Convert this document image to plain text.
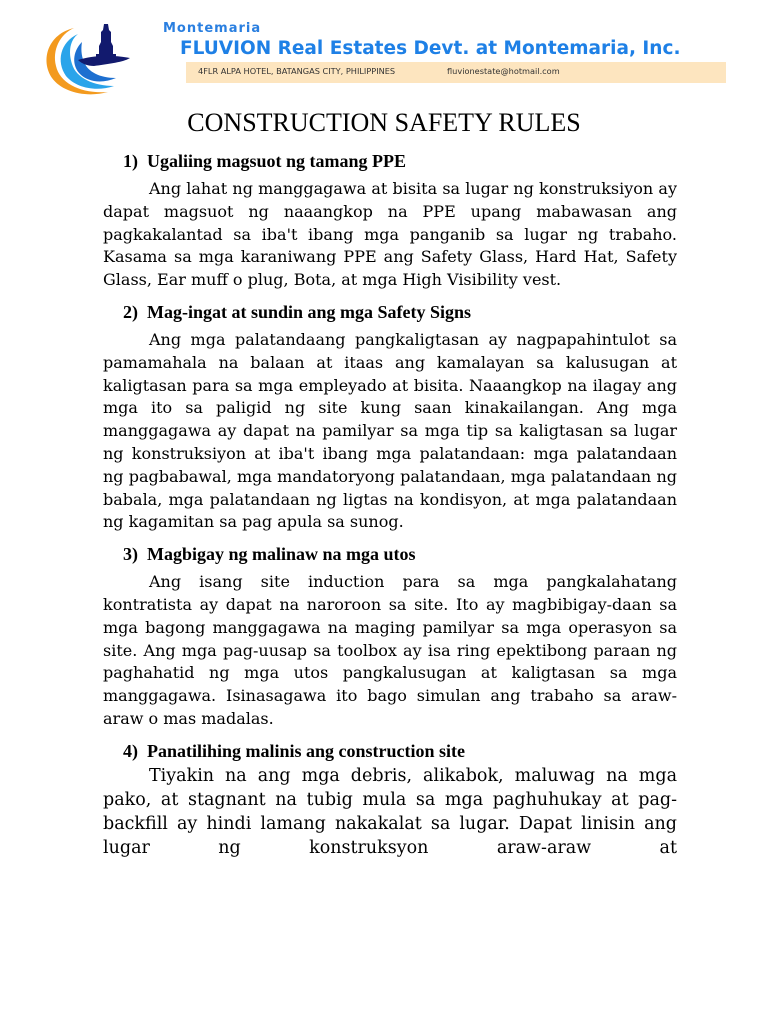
Montemaria
FLUVION Real Estates Devt. at Montemaria, Inc.
4FLR ALPA HOTEL, BATANGAS CITY, PHILIPPINES	fluvionestate@hotmail.com
CONSTRUCTION SAFETY RULES
1) Ugaliing magsuot ng tamang PPE

Ang lahat ng manggagawa at bisita sa lugar ng konstruksiyon ay dapat magsuot ng naaangkop na PPE upang mabawasan ang pagkakalantad sa iba't ibang mga panganib sa lugar ng trabaho. Kasama sa mga karaniwang PPE ang Safety Glass, Hard Hat, Safety Glass, Ear muff o plug, Bota, at mga High Visibility vest.

2) Mag-ingat at sundin ang mga Safety Signs

Ang mga palatandaang pangkaligtasan ay nagpapahintulot sa pamamahala na balaan at itaas ang kamalayan sa kalusugan at kaligtasan para sa mga empleyado at bisita. Naaangkop na ilagay ang mga ito sa paligid ng site kung saan kinakailangan. Ang mga manggagawa ay dapat na pamilyar sa mga tip sa kaligtasan sa lugar ng konstruksiyon at iba't ibang mga palatandaan: mga palatandaan ng pagbabawal, mga mandatoryong palatandaan, mga palatandaan ng babala, mga palatandaan ng ligtas na kondisyon, at mga palatandaan ng kagamitan sa pag apula sa sunog.

3) Magbigay ng malinaw na mga utos

Ang isang site induction para sa mga pangkalahatang kontratista ay dapat na naroroon sa site. Ito ay magbibigay-daan sa mga bagong manggagawa na maging pamilyar sa mga operasyon sa site. Ang mga pag-uusap sa toolbox ay isa ring epektibong paraan ng paghahatid ng mga utos pangkalusugan at kaligtasan sa mga manggagawa. Isinasagawa ito bago simulan ang trabaho sa araw-araw o mas madalas.

4) Panatilihing malinis ang construction site

Tiyakin na ang mga debris, alikabok, maluwag na mga pako, at stagnant na tubig mula sa mga paghuhukay at pag-backfill ay hindi lamang nakakalat sa lugar. Dapat linisin ang lugar ng konstruksyon araw-araw at
